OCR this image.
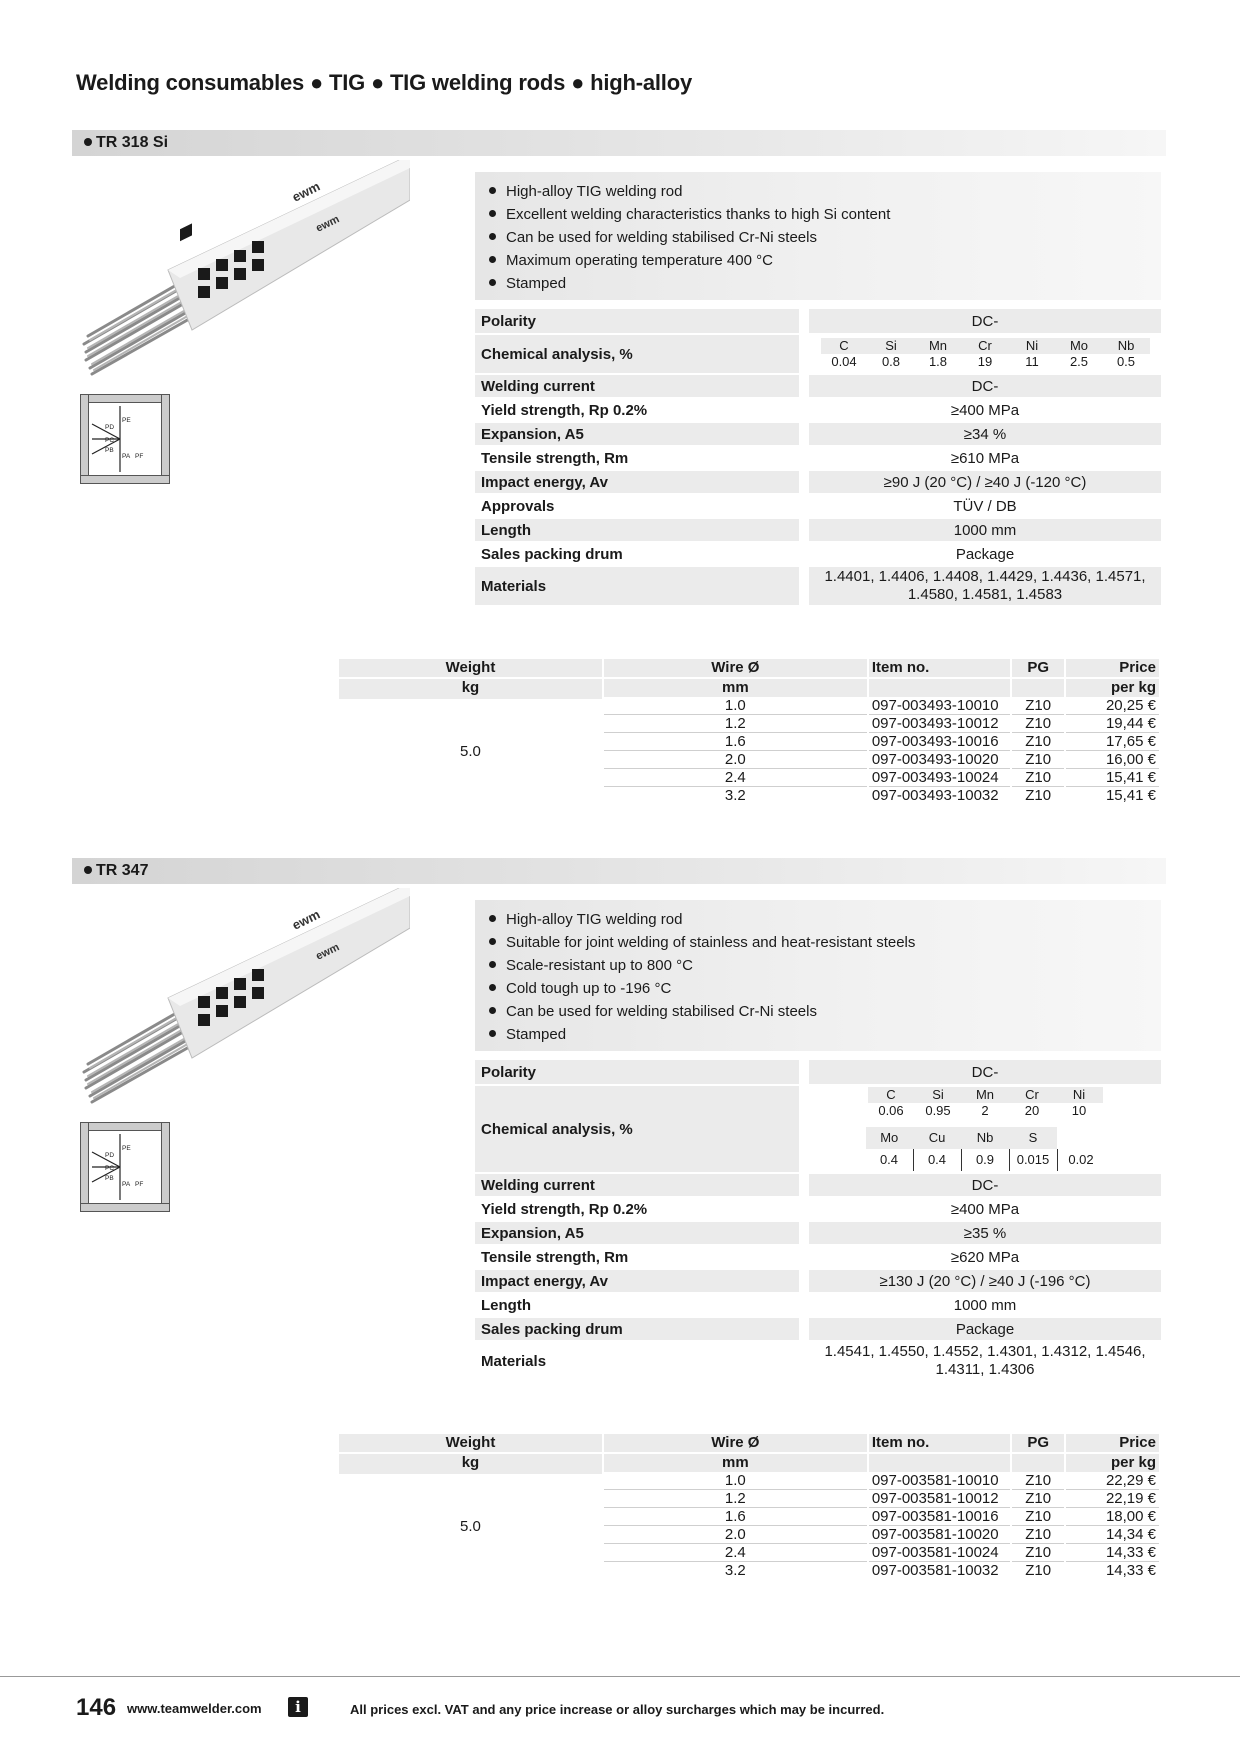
Welding consumables ● TIG ● TIG welding rods ● high-alloy
TR 318 Si
ewm
ewm
PE
PD
PC
PB
PA PF
High-alloy TIG welding rod
Excellent welding characteristics thanks to high Si content
Can be used for welding stabilised Cr-Ni steels
Maximum operating temperature 400 °C
Stamped
Polarity		DC-
Chemical analysis, %			C	Si	Mn	Cr	Ni	Mo	Nb
0.04	0.8	1.8	19	11	2.5	0.5

Welding current		DC-
Yield strength, Rp 0.2%		≥400 MPa
Expansion, A5		≥34 %
Tensile strength, Rm		≥610 MPa
Impact energy, Av		≥90 J (20 °C) / ≥40 J (-120 °C)
Approvals		TÜV / DB
Length		1000 mm
Sales packing drum		Package
Materials		
1.4401, 1.4406, 1.4408, 1.4429, 1.4436, 1.4571,
1.4580, 1.4581, 1.4583
Weight	Wire Ø	Item no.	PG	Price
kg	mm			per kg
5.0	1.0	097-003493-10010	Z10	20,25 €
	1.2	097-003493-10012	Z10	19,44 €
	1.6	097-003493-10016	Z10	17,65 €
	2.0	097-003493-10020	Z10	16,00 €
	2.4	097-003493-10024	Z10	15,41 €
	3.2	097-003493-10032	Z10	15,41 €
TR 347
ewm
ewm
PE
PD
PC
PB
PA PF
High-alloy TIG welding rod
Suitable for joint welding of stainless and heat-resistant steels
Scale-resistant up to 800 °C
Cold tough up to -196 °C
Can be used for welding stabilised Cr-Ni steels
Stamped
Polarity		DC-
Chemical analysis, %		
C	Si	Mn	Cr	Ni
0.06	0.95	2	20	10
Mo	Cu	Nb	S	
0.4	0.4	0.9	0.015	0.02

Welding current		DC-
Yield strength, Rp 0.2%		≥400 MPa
Expansion, A5		≥35 %
Tensile strength, Rm		≥620 MPa
Impact energy, Av		≥130 J (20 °C) / ≥40 J (-196 °C)
Length		1000 mm
Sales packing drum		Package
Materials		
1.4541, 1.4550, 1.4552, 1.4301, 1.4312, 1.4546,
1.4311, 1.4306
Weight	Wire Ø	Item no.	PG	Price
kg	mm			per kg
5.0	1.0	097-003581-10010	Z10	22,29 €
	1.2	097-003581-10012	Z10	22,19 €
	1.6	097-003581-10016	Z10	18,00 €
	2.0	097-003581-10020	Z10	14,34 €
	2.4	097-003581-10024	Z10	14,33 €
	3.2	097-003581-10032	Z10	14,33 €
146 www.teamwelder.com	i	All prices excl. VAT and any price increase or alloy surcharges which may be incurred.
